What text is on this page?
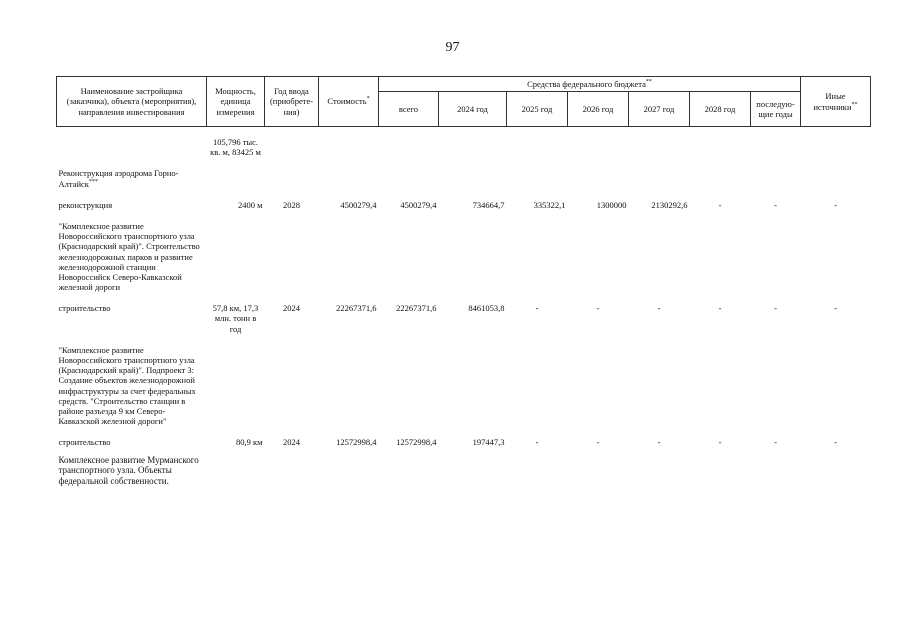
97
Наименование застройщика (заказчика), объекта (мероприятия), направления инвестирования	Мощность, единица измерения	Год ввода (приобрете-ния)	Стоимость*	Средства федерального бюджета**							Иные источники**
				всего	2024 год	2025 год	2026 год	2027 год	2028 год	последую-щие годы	
	105,796 тыс. кв. м, 83425 м										
Реконструкция аэродрома Горно-Алтайск***											
реконструкция	2400 м	2028	4500279,4	4500279,4	734664,7	335322,1	1300000	2130292,6	-	-	-
"Комплексное развитие Новороссийского транспортного узла (Краснодарский край)". Строительство железнодорожных парков и развитие железнодорожной станции Новороссийск Северо-Кавказской железной дороги											
строительство	57,8 км, 17,3 млн. тонн в год	2024	22267371,6	22267371,6	8461053,8	-	-	-	-	-	-
"Комплексное развитие Новороссийского транспортного узла (Краснодарский край)". Подпроект 3: Создание объектов железнодорожной инфраструктуры за счет федеральных средств. "Строительство станции в районе разъезда 9 км Северо-Кавказской железной дороги"											
строительство	80,9 км	2024	12572998,4	12572998,4	197447,3	-	-	-	-	-	-
Комплексное развитие Мурманского транспортного узла. Объекты федеральной собственности.											
